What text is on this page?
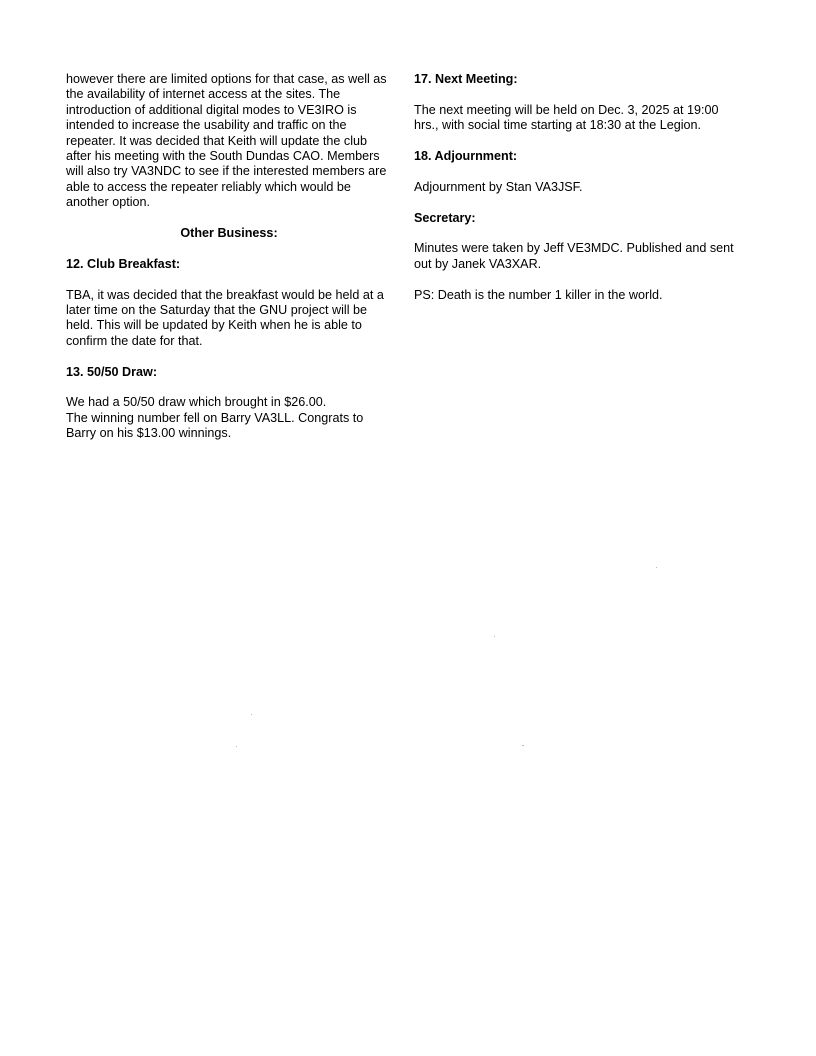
however there are limited options for that case, as well as the availability of internet access at the sites. The introduction of additional digital modes to VE3IRO is intended to increase the usability and traffic on the repeater. It was decided that Keith will update the club after his meeting with the South Dundas CAO. Members will also try VA3NDC to see if the interested members are able to access the repeater reliably which would be another option.

Other Business:

12. Club Breakfast:

TBA, it was decided that the breakfast would be held at a later time on the Saturday that the GNU project will be held. This will be updated by Keith when he is able to confirm the date for that.

13. 50/50 Draw:

We had a 50/50 draw which brought in $26.00.
The winning number fell on Barry VA3LL. Congrats to Barry on his $13.00 winnings.

17. Next Meeting:

The next meeting will be held on Dec. 3, 2025 at 19:00 hrs., with social time starting at 18:30 at the Legion.

18. Adjournment:

Adjournment by Stan VA3JSF.

Secretary:

Minutes were taken by Jeff VE3MDC. Published and sent out by Janek VA3XAR.

PS: Death is the number 1 killer in the world.
